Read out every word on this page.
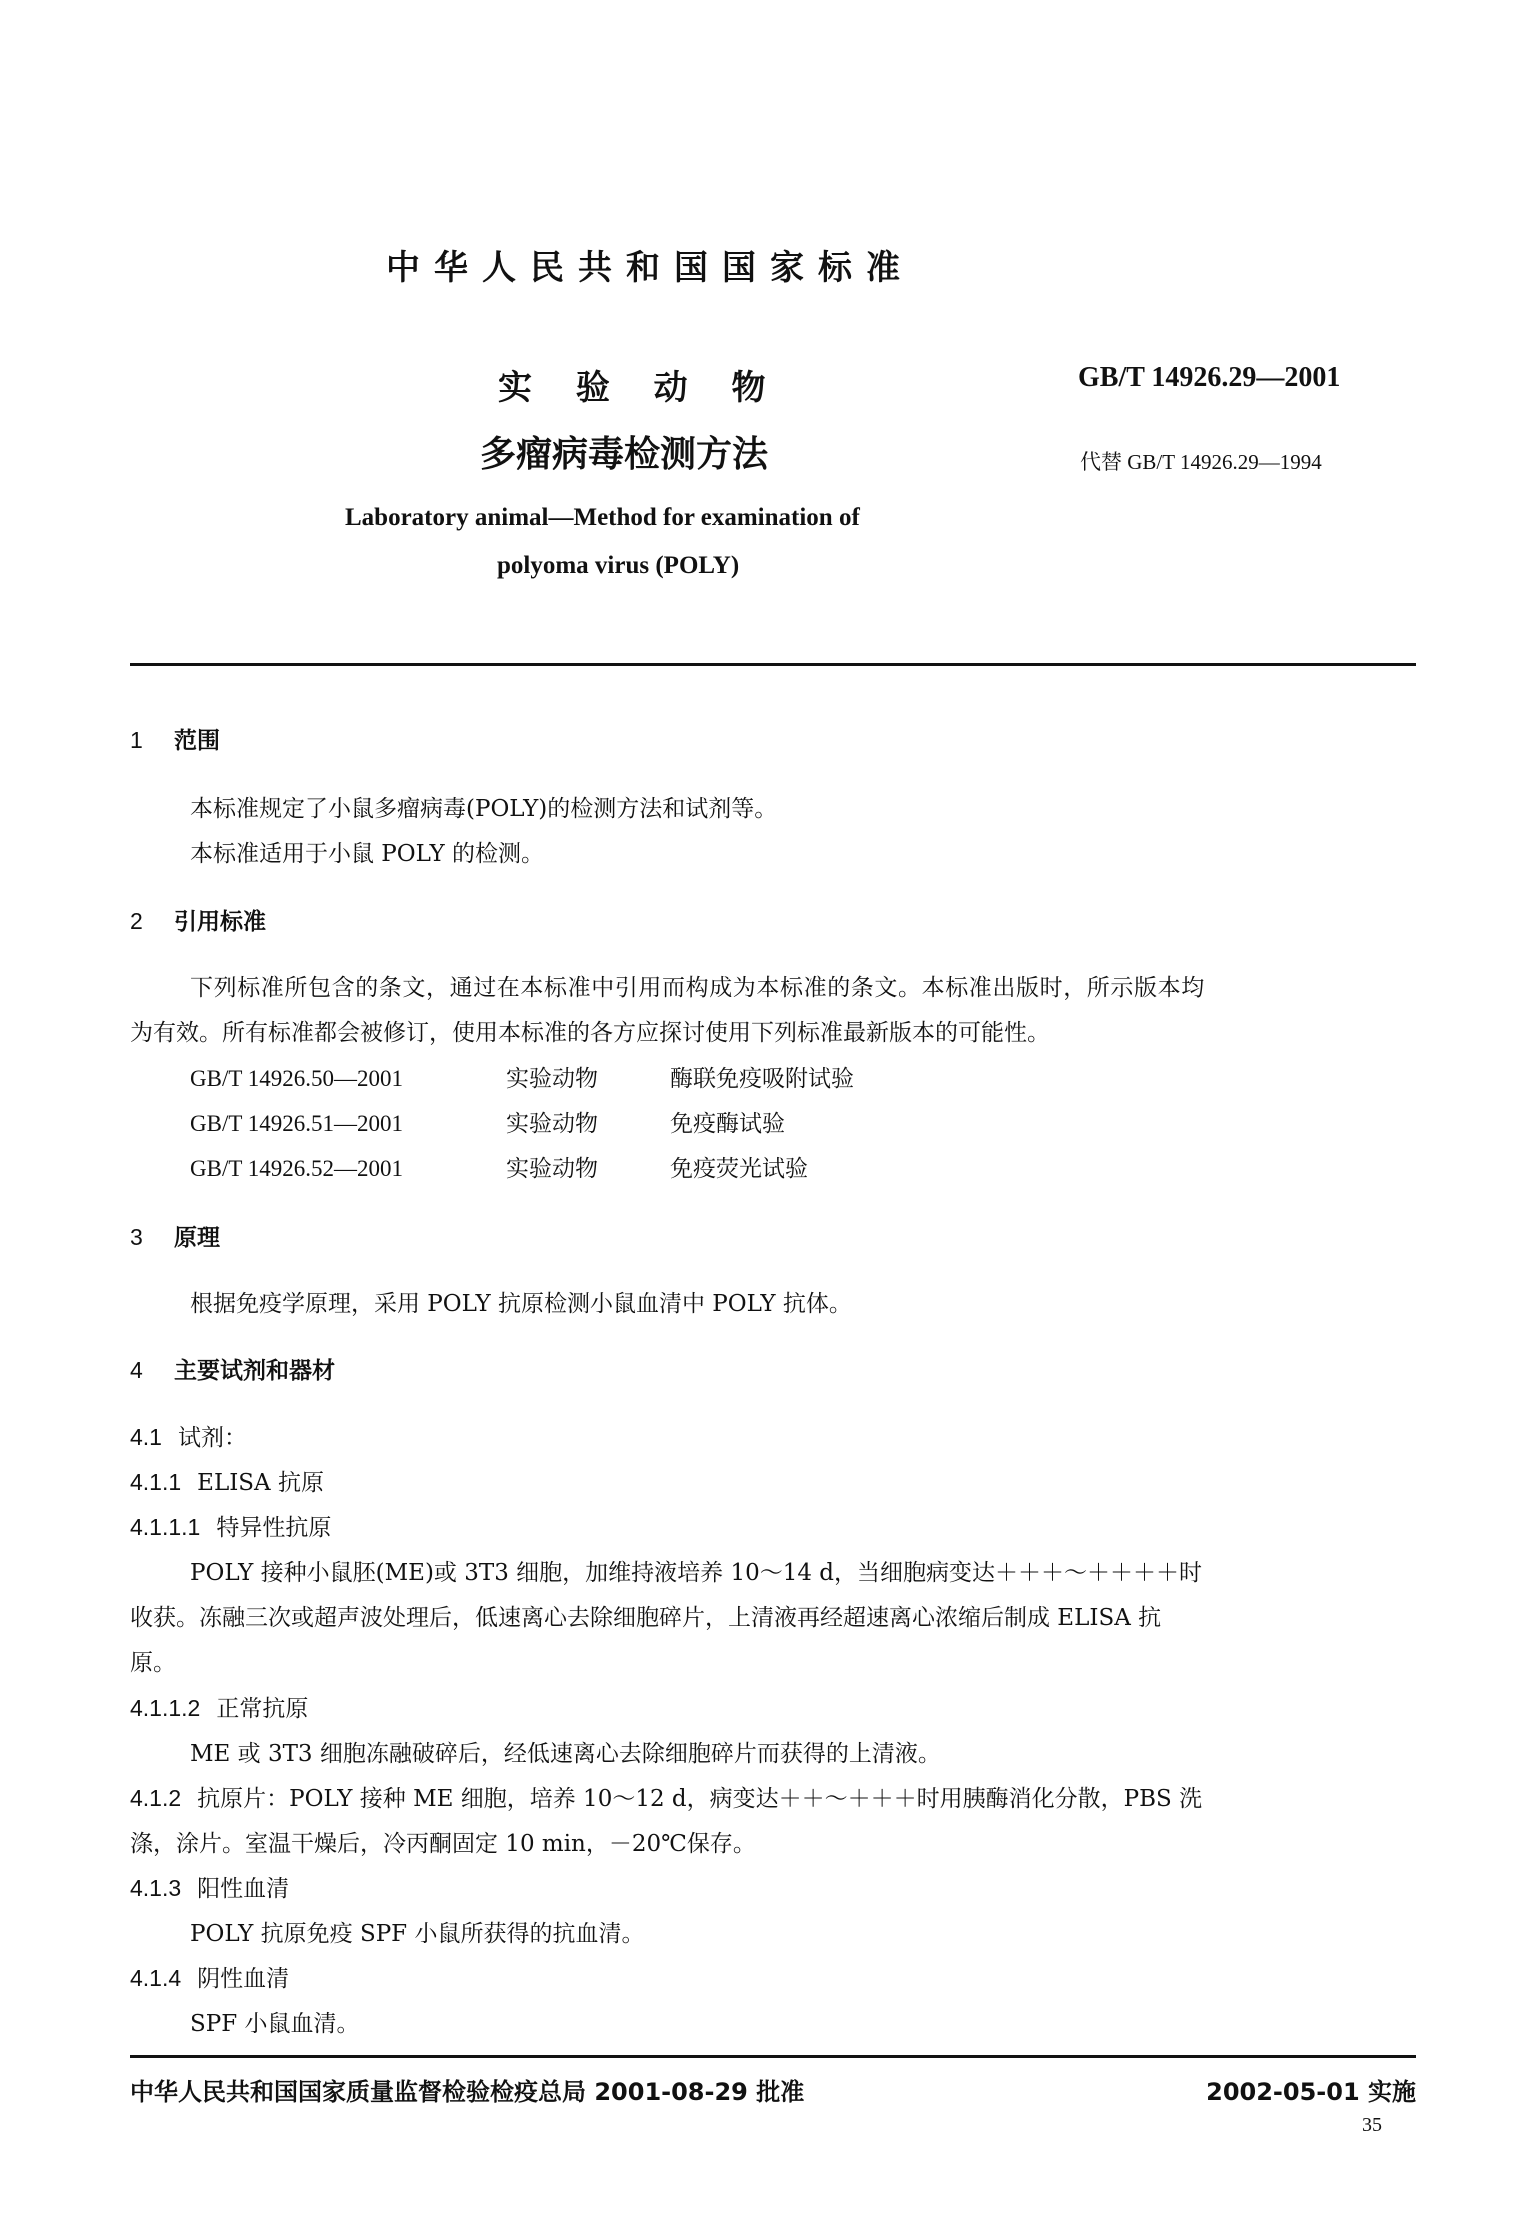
中华人民共和国国家标准
实 验 动 物
多瘤病毒检测方法
GB/T 14926.29—2001
代替 GB/T 14926.29—1994
Laboratory animal—Method for examination of
polyoma virus (POLY)
1 范围
本标准规定了小鼠多瘤病毒(POLY)的检测方法和试剂等。
本标准适用于小鼠 POLY 的检测。
2 引用标准
下列标准所包含的条文，通过在本标准中引用而构成为本标准的条文。本标准出版时，所示版本均
为有效。所有标准都会被修订，使用本标准的各方应探讨使用下列标准最新版本的可能性。
GB/T 14926.50—2001	实验动物	酶联免疫吸附试验
GB/T 14926.51—2001	实验动物	免疫酶试验
GB/T 14926.52—2001	实验动物	免疫荧光试验
3 原理
根据免疫学原理，采用 POLY 抗原检测小鼠血清中 POLY 抗体。
4 主要试剂和器材
4.1 试剂：
4.1.1 ELISA 抗原
4.1.1.1 特异性抗原
POLY 接种小鼠胚(ME)或 3T3 细胞，加维持液培养 10～14 d，当细胞病变达＋＋＋～＋＋＋＋时
收获。冻融三次或超声波处理后，低速离心去除细胞碎片，上清液再经超速离心浓缩后制成 ELISA 抗
原。
4.1.1.2 正常抗原
ME 或 3T3 细胞冻融破碎后，经低速离心去除细胞碎片而获得的上清液。
4.1.2 抗原片：POLY 接种 ME 细胞，培养 10～12 d，病变达＋＋～＋＋＋时用胰酶消化分散，PBS 洗
涤，涂片。室温干燥后，冷丙酮固定 10 min，－20℃保存。
4.1.3 阳性血清
POLY 抗原免疫 SPF 小鼠所获得的抗血清。
4.1.4 阴性血清
SPF 小鼠血清。
中华人民共和国国家质量监督检验检疫总局 2001-08-29 批准	2002-05-01 实施
35
